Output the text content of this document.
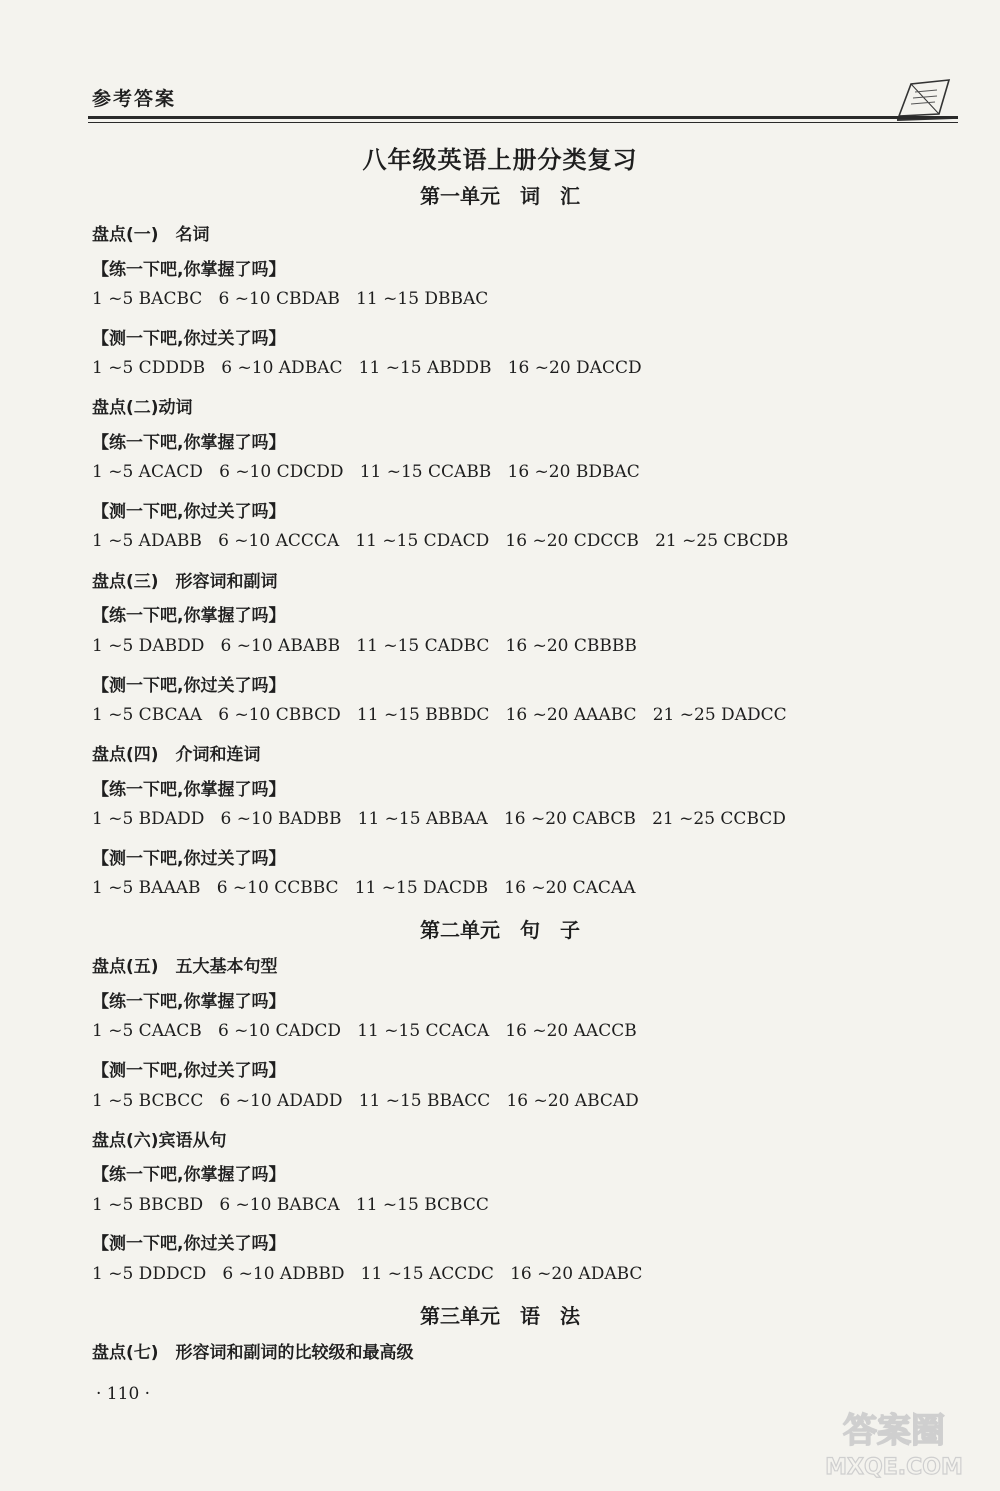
参考答案
八年级英语上册分类复习
第一单元　词　汇
盘点(一)　名词
【练一下吧,你掌握了吗】
1 ~5 BACBC   6 ~10 CBDAB   11 ~15 DBBAC
【测一下吧,你过关了吗】
1 ~5 CDDDB   6 ~10 ADBAC   11 ~15 ABDDB   16 ~20 DACCD
盘点(二)动词
【练一下吧,你掌握了吗】
1 ~5 ACACD   6 ~10 CDCDD   11 ~15 CCABB   16 ~20 BDBAC
【测一下吧,你过关了吗】
1 ~5 ADABB   6 ~10 ACCCA   11 ~15 CDACD   16 ~20 CDCCB   21 ~25 CBCDB
盘点(三)　形容词和副词
【练一下吧,你掌握了吗】
1 ~5 DABDD   6 ~10 ABABB   11 ~15 CADBC   16 ~20 CBBBB
【测一下吧,你过关了吗】
1 ~5 CBCAA   6 ~10 CBBCD   11 ~15 BBBDC   16 ~20 AAABC   21 ~25 DADCC
盘点(四)　介词和连词
【练一下吧,你掌握了吗】
1 ~5 BDADD   6 ~10 BADBB   11 ~15 ABBAA   16 ~20 CABCB   21 ~25 CCBCD
【测一下吧,你过关了吗】
1 ~5 BAAAB   6 ~10 CCBBC   11 ~15 DACDB   16 ~20 CACAA
第二单元　句　子
盘点(五)　五大基本句型
【练一下吧,你掌握了吗】
1 ~5 CAACB   6 ~10 CADCD   11 ~15 CCACA   16 ~20 AACCB
【测一下吧,你过关了吗】
1 ~5 BCBCC   6 ~10 ADADD   11 ~15 BBACC   16 ~20 ABCAD
盘点(六)宾语从句
【练一下吧,你掌握了吗】
1 ~5 BBCBD   6 ~10 BABCA   11 ~15 BCBCC
【测一下吧,你过关了吗】
1 ~5 DDDCD   6 ~10 ADBBD   11 ~15 ACCDC   16 ~20 ADABC
第三单元　语　法
盘点(七)　形容词和副词的比较级和最高级
· 110 ·
答案圈
MXQE.COM
